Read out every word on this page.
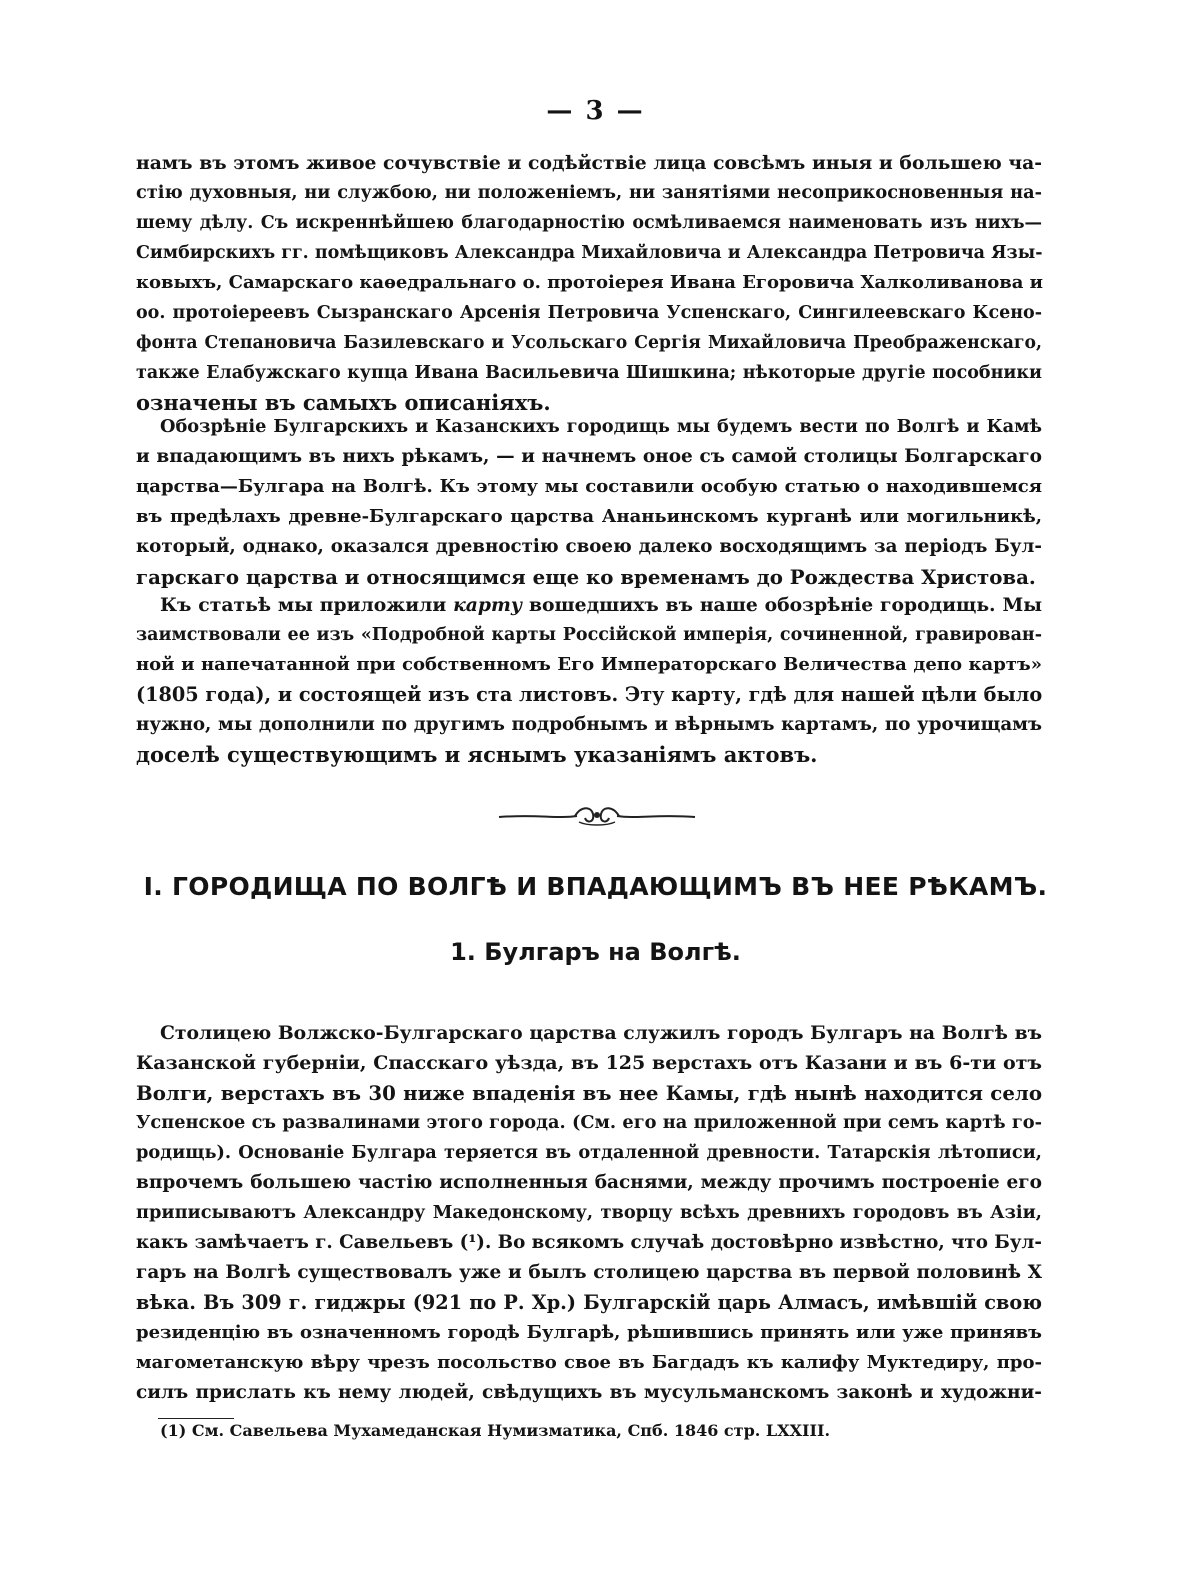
— 3 —
намъ въ этомъ живое сочувствіе и содѣйствіе лица совсѣмъ иныя и большею ча-
стію духовныя, ни службою, ни положеніемъ, ни занятіями несоприкосновенныя на-
шему дѣлу. Съ искреннѣйшею благодарностію осмѣливаемся наименовать изъ нихъ—
Симбирскихъ гг. помѣщиковъ Александра Михайловича и Александра Петровича Язы-
ковыхъ, Самарскаго каѳедральнаго о. протоіерея Ивана Егоровича Халколиванова и
оо. протоіереевъ Сызранскаго Арсенія Петровича Успенскаго, Сингилеевскаго Ксено-
фонта Степановича Базилевскаго и Усольскаго Сергія Михайловича Преображенскаго,
также Елабужскаго купца Ивана Васильевича Шишкина; нѣкоторые другіе пособники
означены въ самыхъ описаніяхъ.
Обозрѣніе Булгарскихъ и Казанскихъ городищь мы будемъ вести по Волгѣ и Камѣ
и впадающимъ въ нихъ рѣкамъ, — и начнемъ оное съ самой столицы Болгарскаго
царства—Булгара на Волгѣ. Къ этому мы составили особую статью о находившемся
въ предѣлахъ древне-Булгарскаго царства Ананьинскомъ курганѣ или могильникѣ,
который, однако, оказался древностію своею далеко восходящимъ за періодъ Бул-
гарскаго царства и относящимся еще ко временамъ до Рождества Христова.
Къ статьѣ мы приложили карту вошедшихъ въ наше обозрѣніе городищь. Мы
заимствовали ее изъ «Подробной карты Россійской имперія, сочиненной, гравирован-
ной и напечатанной при собственномъ Его Императорскаго Величества депо картъ»
(1805 года), и состоящей изъ ста листовъ. Эту карту, гдѣ для нашей цѣли было
нужно, мы дополнили по другимъ подробнымъ и вѣрнымъ картамъ, по урочищамъ
доселѣ существующимъ и яснымъ указаніямъ актовъ.
I. ГОРОДИЩА ПО ВОЛГѢ И ВПАДАЮЩИМЪ ВЪ НЕЕ РѢКАМЪ.
1. Булгаръ на Волгѣ.
Столицею Волжско-Булгарскаго царства служилъ городъ Булгаръ на Волгѣ въ
Казанской губерніи, Спасскаго уѣзда, въ 125 верстахъ отъ Казани и въ 6-ти отъ
Волги, верстахъ въ 30 ниже впаденія въ нее Камы, гдѣ нынѣ находится село
Успенское съ развалинами этого города. (См. его на приложенной при семъ картѣ го-
родищь). Основаніе Булгара теряется въ отдаленной древности. Татарскія лѣтописи,
впрочемъ большею частію исполненныя баснями, между прочимъ построеніе его
приписываютъ Александру Македонскому, творцу всѣхъ древнихъ городовъ въ Азіи,
какъ замѣчаетъ г. Савельевъ (¹). Во всякомъ случаѣ достовѣрно извѣстно, что Бул-
гаръ на Волгѣ существовалъ уже и былъ столицею царства въ первой половинѣ X
вѣка. Въ 309 г. гиджры (921 по Р. Хр.) Булгарскій царь Алмасъ, имѣвшій свою
резиденцію въ означенномъ городѣ Булгарѣ, рѣшившись принять или уже принявъ
магометанскую вѣру чрезъ посольство свое въ Багдадъ къ калифу Муктедиру, про-
силъ прислать къ нему людей, свѣдущихъ въ мусульманскомъ законѣ и художни-
(1) См. Савельева Мухамеданская Нумизматика, Спб. 1846 стр. LXXIII.
